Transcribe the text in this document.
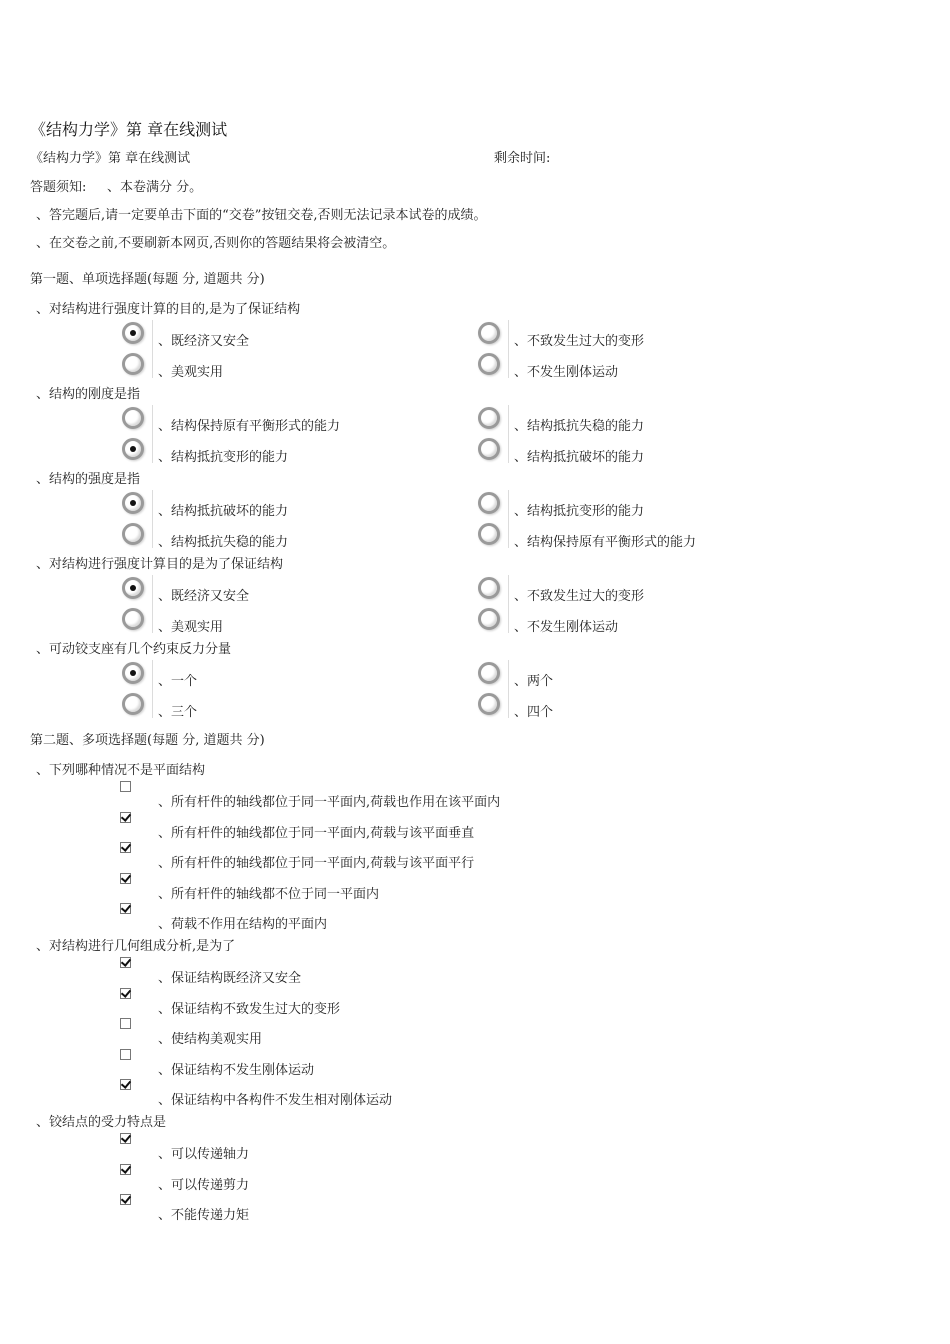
《结构力学》第 章在线测试
《结构力学》第 章在线测试	剩余时间:
答题须知: 、本卷满分 分。
、答完题后,请一定要单击下面的“交卷”按钮交卷,否则无法记录本试卷的成绩。
、在交卷之前,不要刷新本网页,否则你的答题结果将会被清空。
第一题、单项选择题(每题 分, 道题共 分)
、对结构进行强度计算的目的,是为了保证结构
、既经济又安全	、不致发生过大的变形
、美观实用	、不发生刚体运动
、结构的刚度是指
、结构保持原有平衡形式的能力	、结构抵抗失稳的能力
、结构抵抗变形的能力	、结构抵抗破坏的能力
、结构的强度是指
、结构抵抗破坏的能力	、结构抵抗变形的能力
、结构抵抗失稳的能力	、结构保持原有平衡形式的能力
、对结构进行强度计算目的是为了保证结构
、既经济又安全	、不致发生过大的变形
、美观实用	、不发生刚体运动
、可动铰支座有几个约束反力分量
、一个	、两个
、三个	、四个
第二题、多项选择题(每题 分, 道题共 分)
、下列哪种情况不是平面结构
、所有杆件的轴线都位于同一平面内,荷载也作用在该平面内
、所有杆件的轴线都位于同一平面内,荷载与该平面垂直
、所有杆件的轴线都位于同一平面内,荷载与该平面平行
、所有杆件的轴线都不位于同一平面内
、荷载不作用在结构的平面内
、对结构进行几何组成分析,是为了
、保证结构既经济又安全
、保证结构不致发生过大的变形
、使结构美观实用
、保证结构不发生刚体运动
、保证结构中各构件不发生相对刚体运动
、铰结点的受力特点是
、可以传递轴力
、可以传递剪力
、不能传递力矩
